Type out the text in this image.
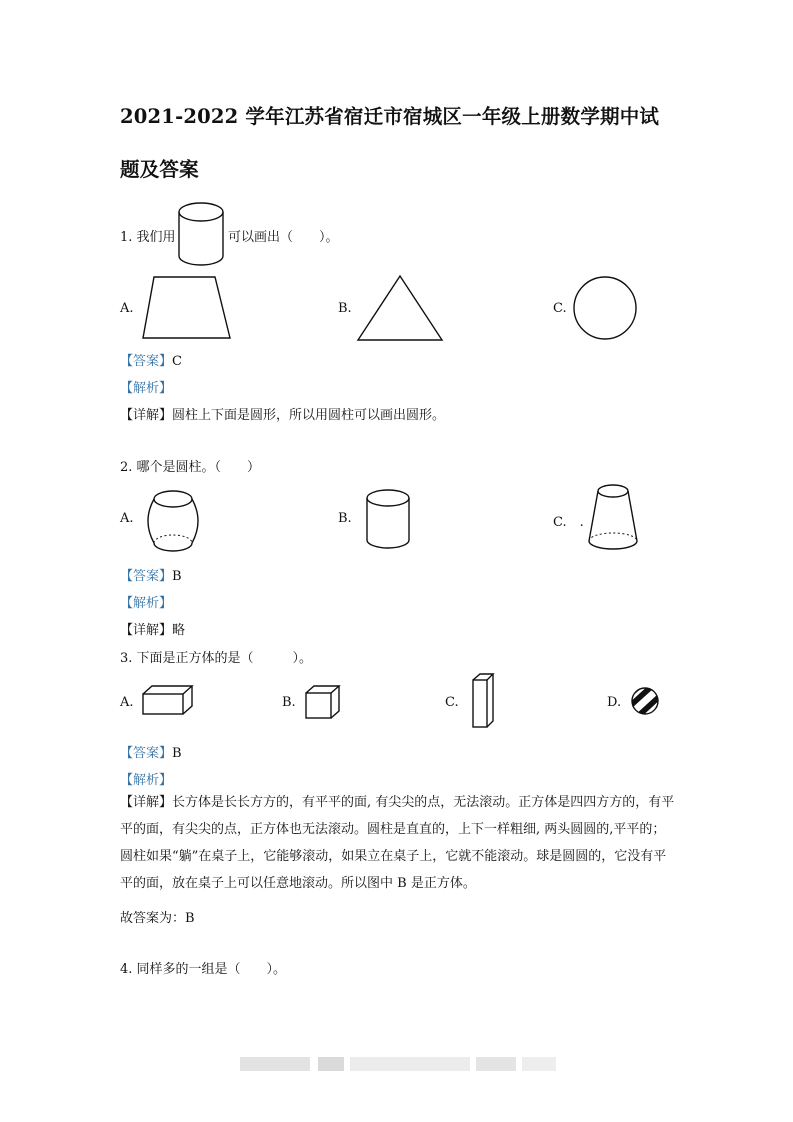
2021-2022 学年江苏省宿迁市宿城区一年级上册数学期中试
题及答案
1. 我们用	可以画出（　　）。
A.	B.	C.
【答案】C
【解析】
【详解】圆柱上下面是圆形，所以用圆柱可以画出圆形。
2. 哪个是圆柱。（　　）
A.	B.	C.　.
【答案】B
【解析】
【详解】略
3. 下面是正方体的是（　　　）。
A.	B.	C.	D.
【答案】B
【解析】
【详解】长方体是长长方方的，有平平的面, 有尖尖的点，无法滚动。正方体是四四方方的，有平平的面，有尖尖的点，正方体也无法滚动。圆柱是直直的，上下一样粗细, 两头圆圆的,平平的；圆柱如果“躺”在桌子上，它能够滚动，如果立在桌子上，它就不能滚动。球是圆圆的，它没有平平的面，放在桌子上可以任意地滚动。所以图中 B 是正方体。
故答案为：B
4. 同样多的一组是（　　）。
